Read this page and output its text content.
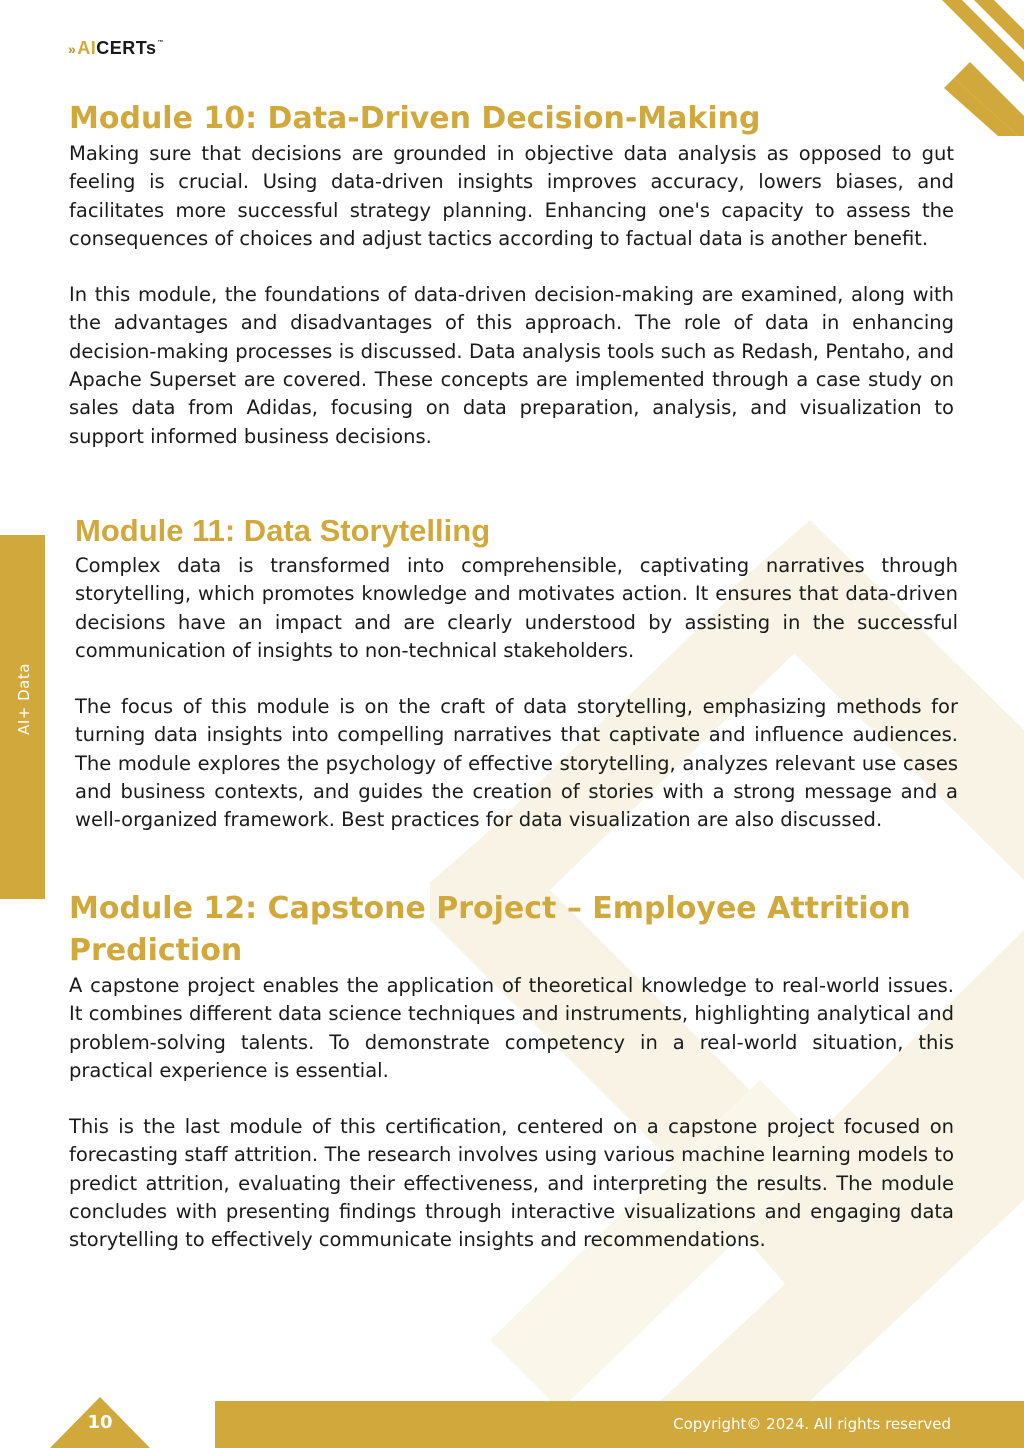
» AI CERTs ™
AI+ Data
Module 10: Data-Driven Decision-Making

Making sure that decisions are grounded in objective data analysis as opposed to gut feeling is crucial. Using data-driven insights improves accuracy, lowers biases, and facilitates more successful strategy planning. Enhancing one's capacity to assess the consequences of choices and adjust tactics according to factual data is another benefit.

In this module, the foundations of data-driven decision-making are examined, along with the advantages and disadvantages of this approach. The role of data in enhancing decision-making processes is discussed. Data analysis tools such as Redash, Pentaho, and Apache Superset are covered. These concepts are implemented through a case study on sales data from Adidas, focusing on data preparation, analysis, and visualization to support informed business decisions.

Module 11: Data Storytelling

Complex data is transformed into comprehensible, captivating narratives through storytelling, which promotes knowledge and motivates action. It ensures that data-driven decisions have an impact and are clearly understood by assisting in the successful communication of insights to non-technical stakeholders.

The focus of this module is on the craft of data storytelling, emphasizing methods for turning data insights into compelling narratives that captivate and influence audiences. The module explores the psychology of effective storytelling, analyzes relevant use cases and business contexts, and guides the creation of stories with a strong message and a well-organized framework. Best practices for data visualization are also discussed.

Module 12: Capstone Project – Employee Attrition Prediction

A capstone project enables the application of theoretical knowledge to real-world issues. It combines different data science techniques and instruments, highlighting analytical and problem-solving talents. To demonstrate competency in a real-world situation, this practical experience is essential.

This is the last module of this certification, centered on a capstone project focused on forecasting staff attrition. The research involves using various machine learning models to predict attrition, evaluating their effectiveness, and interpreting the results. The module concludes with presenting findings through interactive visualizations and engaging data storytelling to effectively communicate insights and recommendations.

10	Copyright© 2024. All rights reserved
